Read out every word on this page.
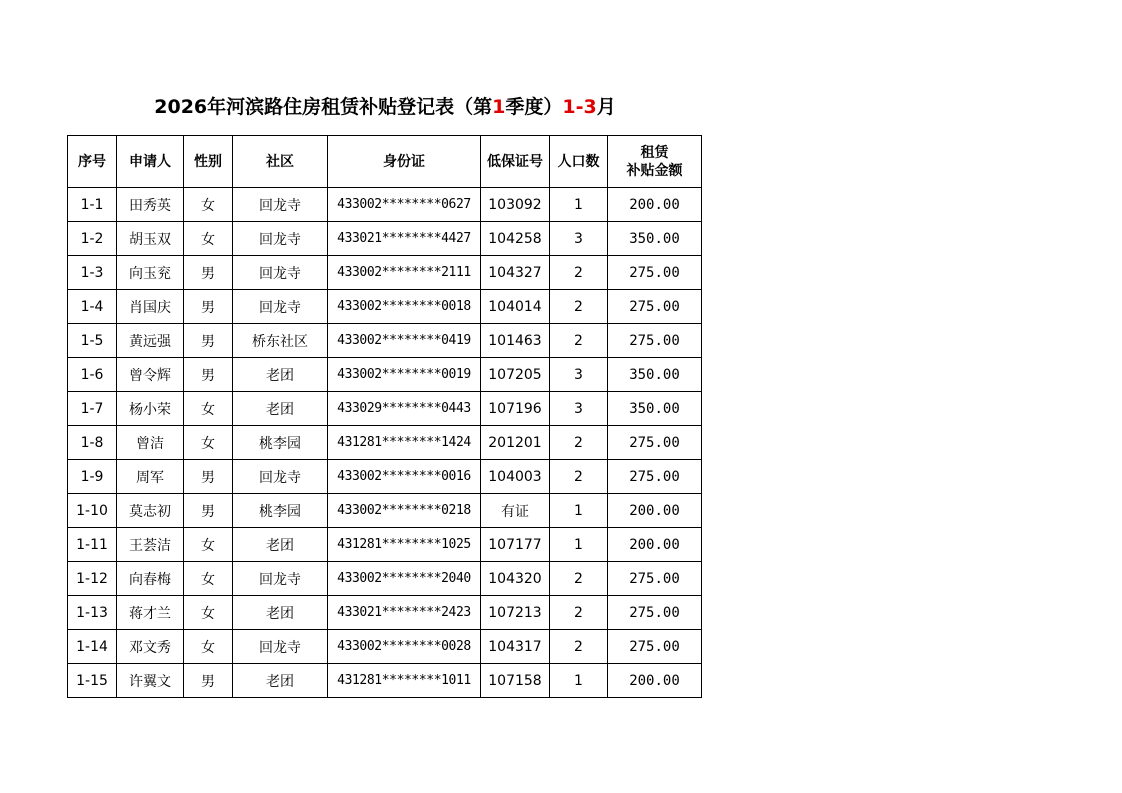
2026年河滨路住房租赁补贴登记表（第1季度）1-3月
序号	申请人	性别	社区	身份证	低保证号	人口数	租赁
补贴金额

1-1	田秀英	女	回龙寺	433002********0627	103092	1	200.00
1-2	胡玉双	女	回龙寺	433021********4427	104258	3	350.00
1-3	向玉兖	男	回龙寺	433002********2111	104327	2	275.00
1-4	肖国庆	男	回龙寺	433002********0018	104014	2	275.00
1-5	黄远强	男	桥东社区	433002********0419	101463	2	275.00
1-6	曾令辉	男	老团	433002********0019	107205	3	350.00
1-7	杨小荣	女	老团	433029********0443	107196	3	350.00
1-8	曾洁	女	桃李园	431281********1424	201201	2	275.00
1-9	周军	男	回龙寺	433002********0016	104003	2	275.00
1-10	莫志初	男	桃李园	433002********0218	有证	1	200.00
1-11	王荟洁	女	老团	431281********1025	107177	1	200.00
1-12	向春梅	女	回龙寺	433002********2040	104320	2	275.00
1-13	蒋才兰	女	老团	433021********2423	107213	2	275.00
1-14	邓文秀	女	回龙寺	433002********0028	104317	2	275.00
1-15	许翼文	男	老团	431281********1011	107158	1	200.00
